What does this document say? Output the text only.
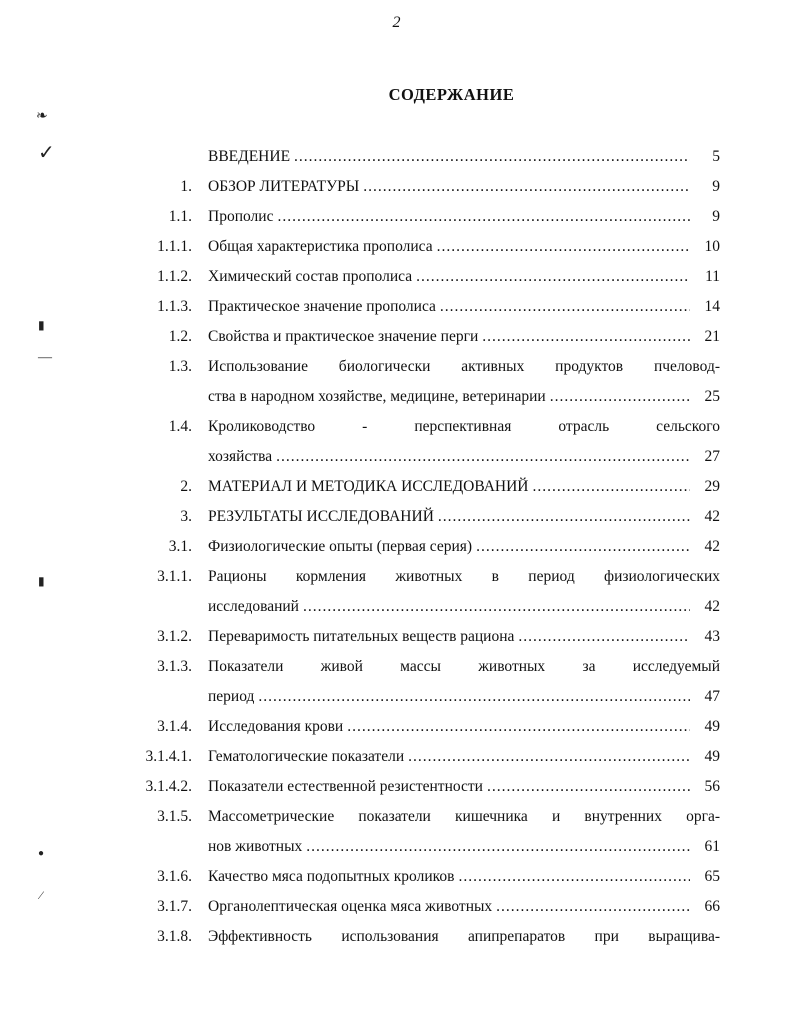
2
СОДЕРЖАНИЕ
❧
✓
▮
—
▮
●
⁄
ВВЕДЕНИЕ .....	5
1.	ОБЗОР ЛИТЕРАТУРЫ .....	9
1.1.	Прополис .....	9
1.1.1.	Общая характеристика прополиса .....	10
1.1.2.	Химический состав прополиса .....	11
1.1.3.	Практическое значение прополиса .....	14
1.2.	Свойства и практическое значение перги .....	21
1.3.	Использование биологически активных продуктов пчеловод-
ства в народном хозяйстве, медицине, ветеринарии .....	25
1.4.	Кролиководство - перспективная отрасль сельского
хозяйства .....	27
2.	МАТЕРИАЛ И МЕТОДИКА ИССЛЕДОВАНИЙ .....	29
3.	РЕЗУЛЬТАТЫ ИССЛЕДОВАНИЙ .....	42
3.1.	Физиологические опыты (первая серия) .....	42
3.1.1.	Рационы кормления животных в период физиологических
исследований .....	42
3.1.2.	Переваримость питательных веществ рациона .....	43
3.1.3.	Показатели живой массы животных за исследуемый
период .....	47
3.1.4.	Исследования крови .....	49
3.1.4.1.	Гематологические показатели .....	49
3.1.4.2.	Показатели естественной резистентности .....	56
3.1.5.	Массометрические показатели кишечника и внутренних орга-
нов животных .....	61
3.1.6.	Качество мяса подопытных кроликов .....	65
3.1.7.	Органолептическая оценка мяса животных .....	66
3.1.8.	Эффективность использования апипрепаратов при выращива-
